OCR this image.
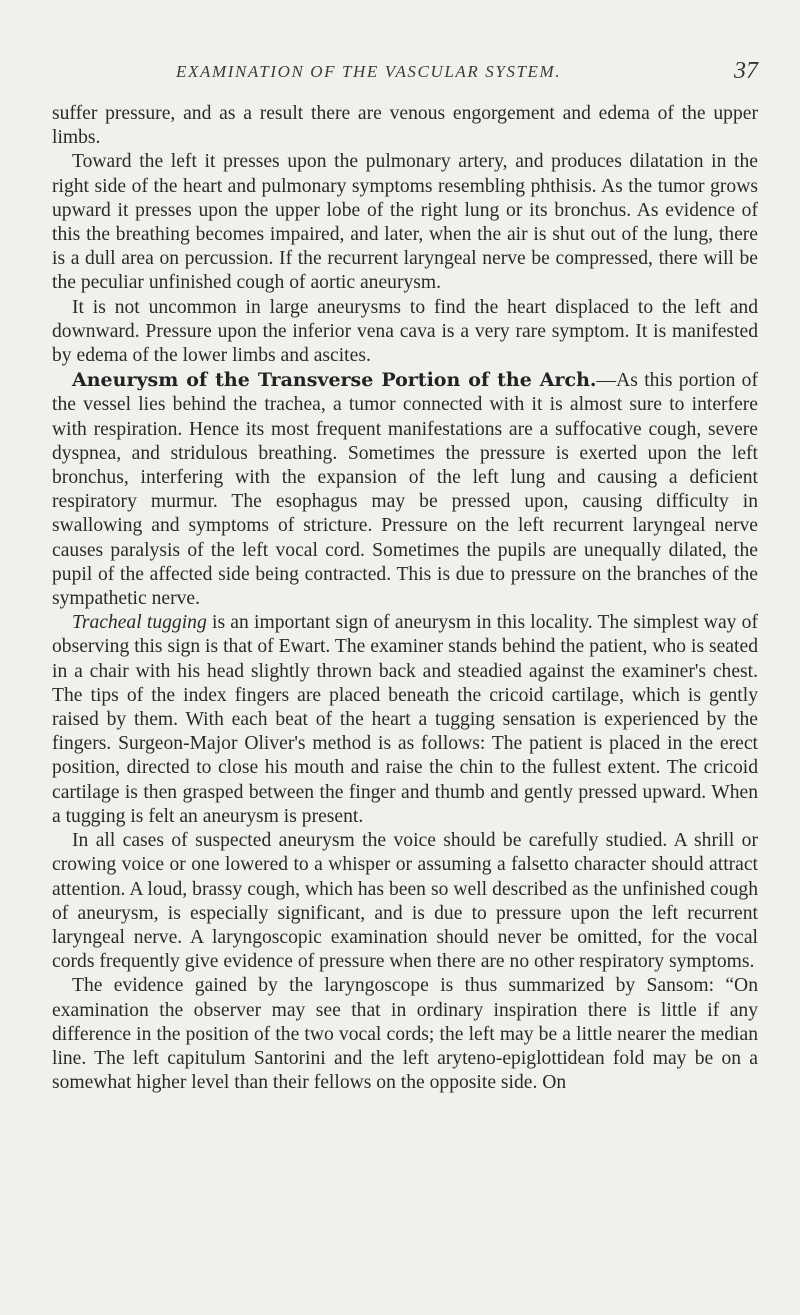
EXAMINATION OF THE VASCULAR SYSTEM.	37

suffer pressure, and as a result there are venous engorgement and edema of the upper limbs.

Toward the left it presses upon the pulmonary artery, and produces dilatation in the right side of the heart and pulmonary symptoms resembling phthisis. As the tumor grows upward it presses upon the upper lobe of the right lung or its bronchus. As evidence of this the breathing becomes impaired, and later, when the air is shut out of the lung, there is a dull area on percussion. If the recurrent laryngeal nerve be compressed, there will be the peculiar unfinished cough of aortic aneurysm.

It is not uncommon in large aneurysms to find the heart displaced to the left and downward. Pressure upon the inferior vena cava is a very rare symptom. It is manifested by edema of the lower limbs and ascites.

Aneurysm of the Transverse Portion of the Arch.—As this portion of the vessel lies behind the trachea, a tumor connected with it is almost sure to interfere with respiration. Hence its most frequent manifestations are a suffocative cough, severe dyspnea, and stridulous breathing. Sometimes the pressure is exerted upon the left bronchus, interfering with the expansion of the left lung and causing a deficient respiratory murmur. The esophagus may be pressed upon, causing difficulty in swallowing and symptoms of stricture. Pressure on the left recurrent laryngeal nerve causes paralysis of the left vocal cord. Sometimes the pupils are unequally dilated, the pupil of the affected side being contracted. This is due to pressure on the branches of the sympathetic nerve.

Tracheal tugging is an important sign of aneurysm in this locality. The simplest way of observing this sign is that of Ewart. The examiner stands behind the patient, who is seated in a chair with his head slightly thrown back and steadied against the examiner's chest. The tips of the index fingers are placed beneath the cricoid cartilage, which is gently raised by them. With each beat of the heart a tugging sensation is experienced by the fingers. Surgeon-Major Oliver's method is as follows: The patient is placed in the erect position, directed to close his mouth and raise the chin to the fullest extent. The cricoid cartilage is then grasped between the finger and thumb and gently pressed upward. When a tugging is felt an aneurysm is present.

In all cases of suspected aneurysm the voice should be carefully studied. A shrill or crowing voice or one lowered to a whisper or assuming a falsetto character should attract attention. A loud, brassy cough, which has been so well described as the unfinished cough of aneurysm, is especially significant, and is due to pressure upon the left recurrent laryngeal nerve. A laryngoscopic examination should never be omitted, for the vocal cords frequently give evidence of pressure when there are no other respiratory symptoms.

The evidence gained by the laryngoscope is thus summarized by Sansom: “On examination the observer may see that in ordinary inspiration there is little if any difference in the position of the two vocal cords; the left may be a little nearer the median line. The left capitulum Santorini and the left aryteno-epiglottidean fold may be on a somewhat higher level than their fellows on the opposite side. On
